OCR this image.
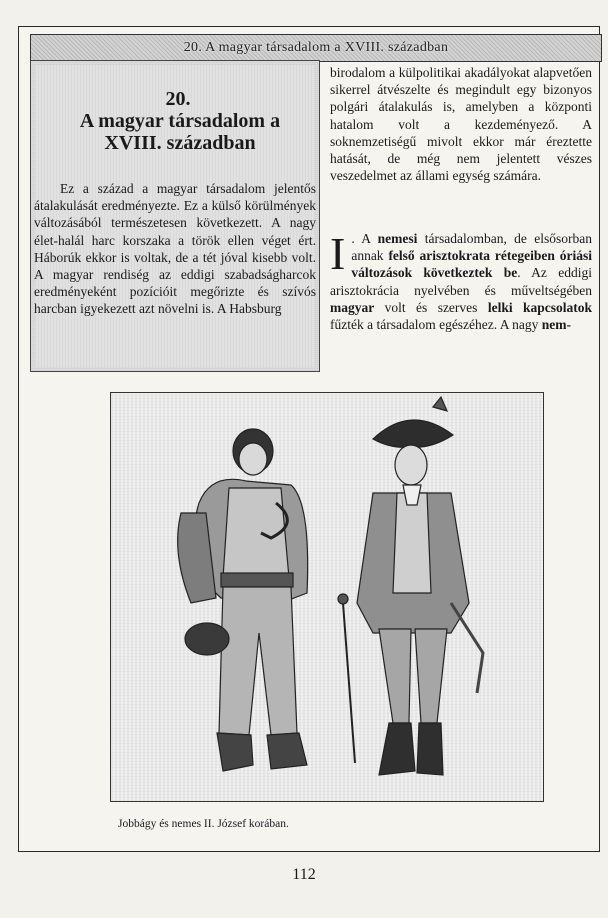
20. A magyar társadalom a XVIII. században
20.
A magyar társadalom a
XVIII. században

Ez a század a magyar társadalom jelentős átalakulását eredményezte. Ez a külső körülmények változásából természetesen következett. A nagy élet-halál harc korszaka a török ellen véget ért. Háborúk ekkor is voltak, de a tét jóval kisebb volt. A magyar rendiség az eddigi szabadságharcok eredményeként pozícióit megőrizte és szívós harcban igyekezett azt növelni is. A Habsburg

birodalom a külpolitikai akadályokat alapvetően sikerrel átvészelte és megindult egy bizonyos polgári átalakulás is, amelyben a központi hatalom volt a kezdeményező. A soknemzetiségű mivolt ekkor már éreztette hatását, de még nem jelentett vészes veszedelmet az állami egység számára.

I . A nemesi társadalomban, de elsősorban annak felső arisztokrata rétegeiben óriási változások következtek be. Az eddigi arisztokrácia nyelvében és műveltségében magyar volt és szerves lelki kapcsolatok fűzték a társadalom egészéhez. A nagy nem-
Jobbágy és nemes II. József korában.
112
